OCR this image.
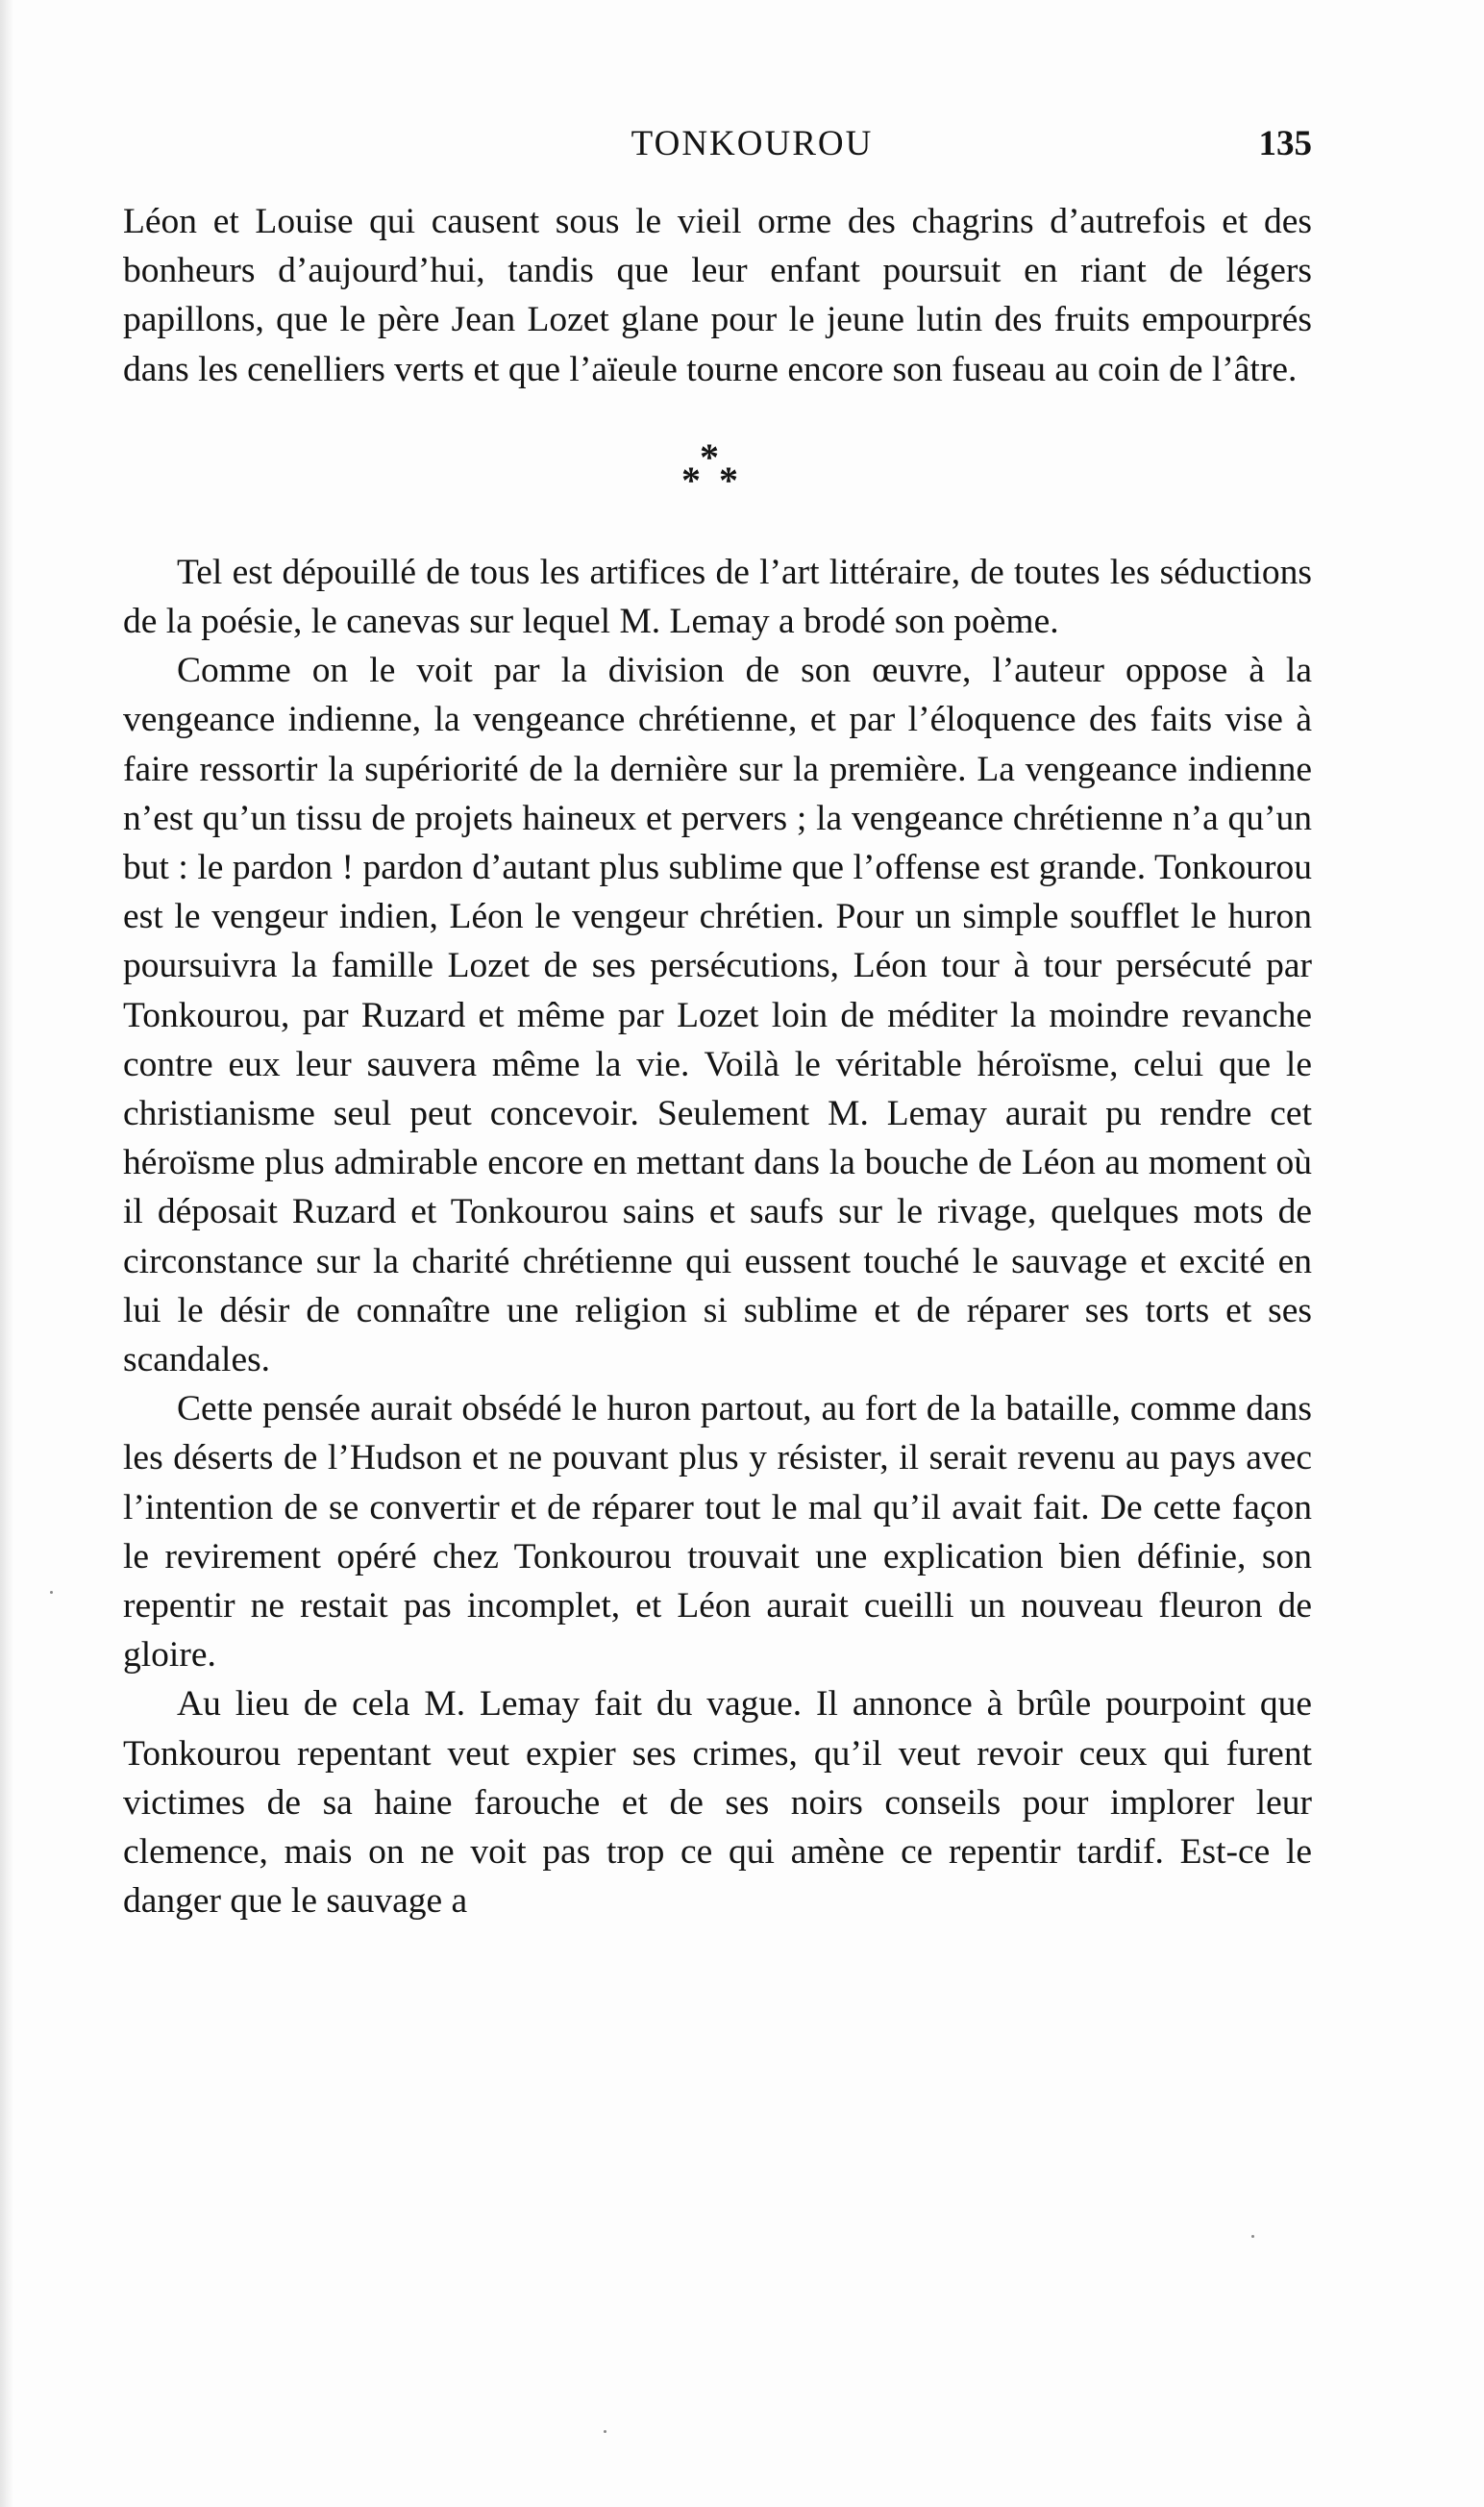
TONKOUROU	135

Léon et Louise qui causent sous le vieil orme des chagrins d’autrefois et des bonheurs d’aujourd’hui, tandis que leur enfant poursuit en riant de légers papillons, que le père Jean Lozet glane pour le jeune lutin des fruits empourprés dans les cenelliers verts et que l’aïeule tourne encore son fuseau au coin de l’âtre.

*
* *

Tel est dépouillé de tous les artifices de l’art littéraire, de toutes les séductions de la poésie, le canevas sur lequel M. Lemay a brodé son poème.

Comme on le voit par la division de son œuvre, l’auteur oppose à la vengeance indienne, la vengeance chrétienne, et par l’éloquence des faits vise à faire ressortir la supériorité de la dernière sur la première. La vengeance indienne n’est qu’un tissu de projets haineux et pervers ; la vengeance chrétienne n’a qu’un but : le pardon ! pardon d’autant plus sublime que l’offense est grande. Tonkourou est le vengeur indien, Léon le vengeur chrétien. Pour un simple soufflet le huron poursuivra la famille Lozet de ses persécutions, Léon tour à tour persécuté par Tonkourou, par Ruzard et même par Lozet loin de méditer la moindre revanche contre eux leur sauvera même la vie. Voilà le véritable héroïsme, celui que le christianisme seul peut concevoir. Seulement M. Lemay aurait pu rendre cet héroïsme plus admirable encore en mettant dans la bouche de Léon au moment où il déposait Ruzard et Tonkourou sains et saufs sur le rivage, quelques mots de circonstance sur la charité chrétienne qui eussent touché le sauvage et excité en lui le désir de connaître une religion si sublime et de réparer ses torts et ses scandales.

Cette pensée aurait obsédé le huron partout, au fort de la bataille, comme dans les déserts de l’Hudson et ne pouvant plus y résister, il serait revenu au pays avec l’intention de se convertir et de réparer tout le mal qu’il avait fait. De cette façon le revirement opéré chez Tonkourou trouvait une explication bien définie, son repentir ne restait pas incomplet, et Léon aurait cueilli un nouveau fleuron de gloire.

Au lieu de cela M. Lemay fait du vague. Il annonce à brûle pourpoint que Tonkourou repentant veut expier ses crimes, qu’il veut revoir ceux qui furent victimes de sa haine farouche et de ses noirs conseils pour implorer leur clemence, mais on ne voit pas trop ce qui amène ce repentir tardif. Est-ce le danger que le sauvage a
